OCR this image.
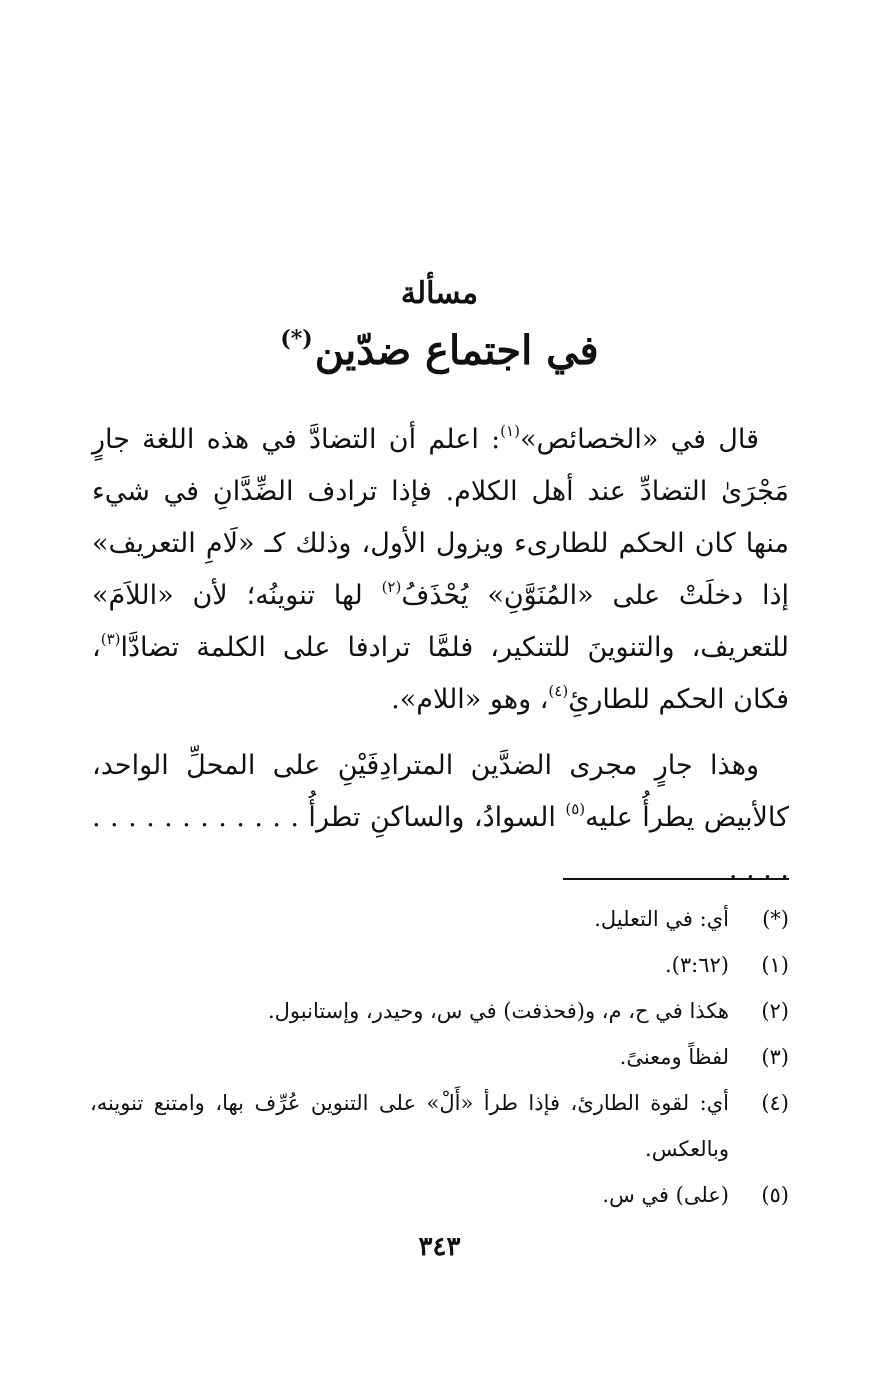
مسألة
في اجتماع ضدّين(*)

قال في «الخصائص»$^{(١)}$: اعلم أن التضادَّ في هذه اللغة جارٍ مَجْرَىٰ التضادِّ عند أهل الكلام. فإذا ترادف الضِّدَّانِ في شيء منها كان الحكم للطارىء ويزول الأول، وذلك كـ «لَامِ التعريف» إذا دخلَتْ على «المُنَوَّنِ» يُحْذَفُ$^{(٢)}$ لها تنوينُه؛ لأن «اللاَمَ» للتعريف، والتنوينَ للتنكير، فلمَّا ترادفا على الكلمة تضادَّا$^{(٣)}$، فكان الحكم للطارئِ$^{(٤)}$، وهو «اللام».

وهذا جارٍ مجرى الضدَّين المترادِفَيْنِ على المحلِّ الواحد، كالأبيض يطرأُ عليه$^{(٥)}$ السوادُ، والساكنِ تطرأُ . . . . . . . . . . . . . . . .

(*)
أي: في التعليل.
(١)
(٣:٦٢).
(٢)
هكذا في ح، م، و(فحذفت) في س، وحيدر، وإستانبول.
(٣)
لفظاً ومعنىً.
(٤)
أي: لقوة الطارئ، فإذا طرأ «أَلْ» على التنوين عُرِّف بها، وامتنع تنوينه، وبالعكس.
(٥)
(على) في س.
٣٤٣
